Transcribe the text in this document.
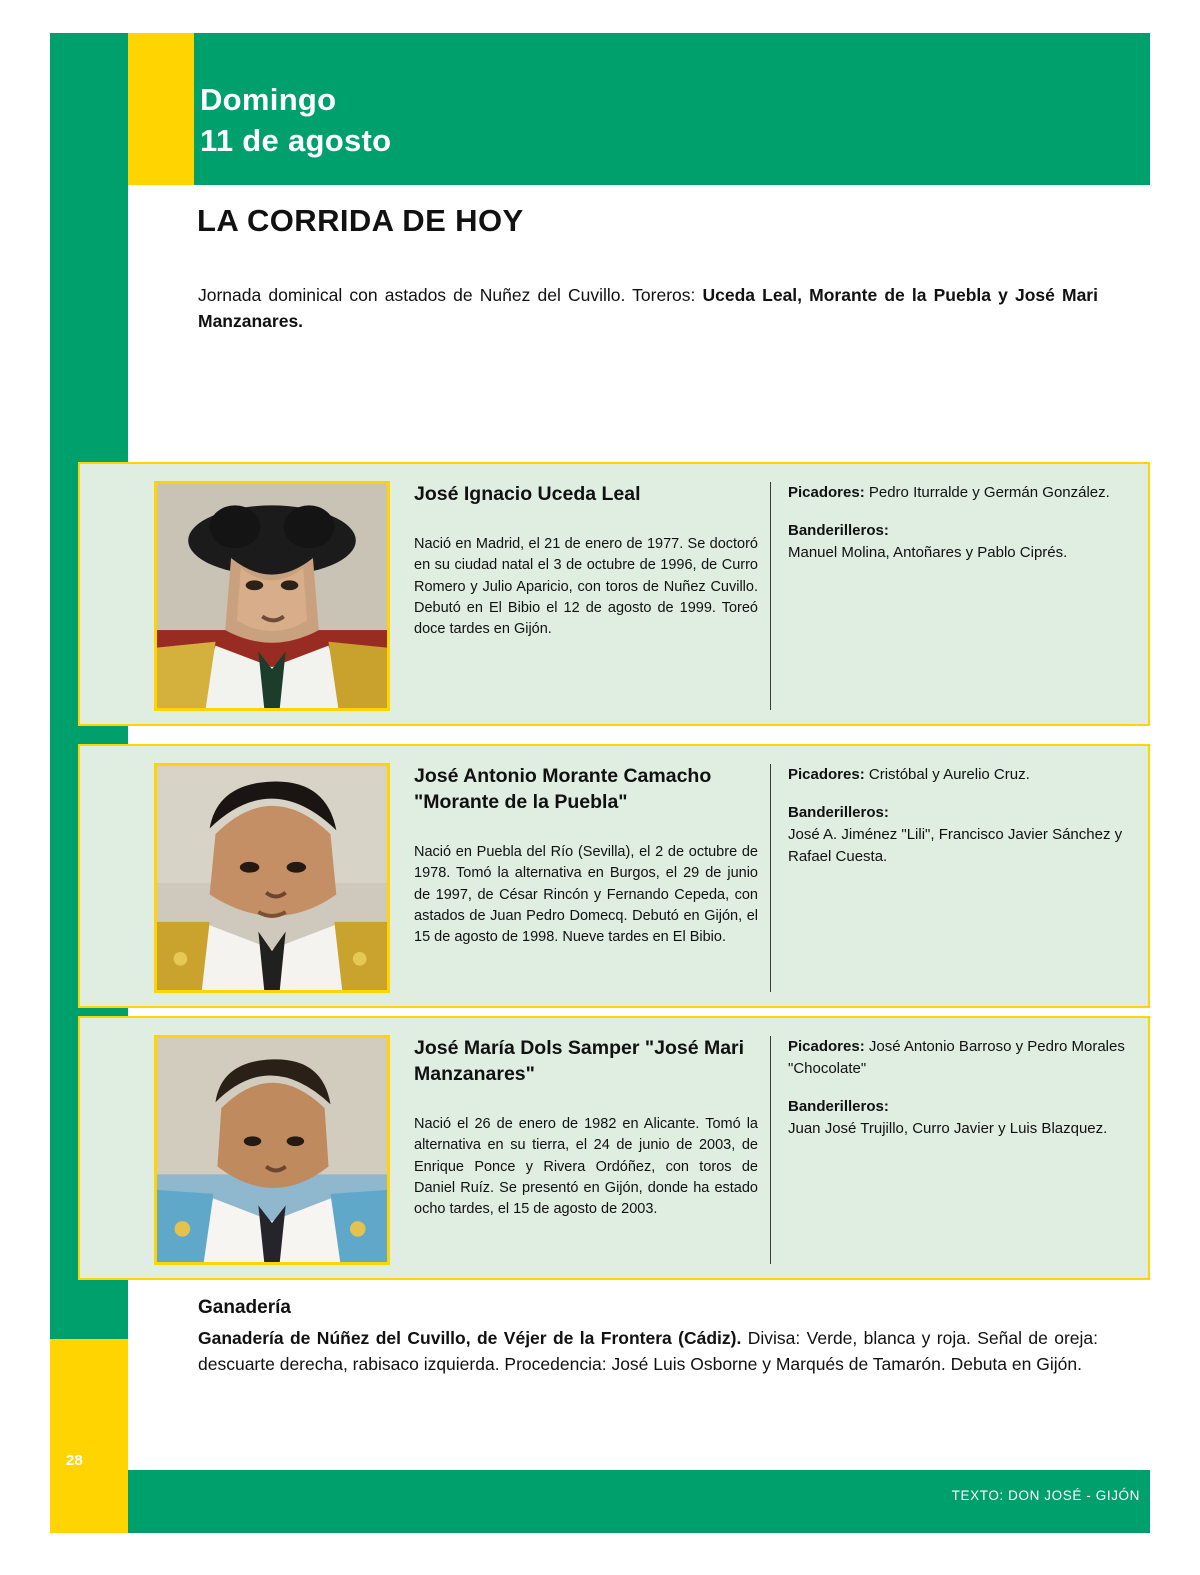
Domingo
11 de agosto
LA CORRIDA DE HOY
Jornada dominical con astados de Nuñez del Cuvillo. Toreros: Uceda Leal, Morante de la Puebla y José Mari Manzanares.
José Ignacio Uceda Leal
Nació en Madrid, el 21 de enero de 1977. Se doctoró en su ciudad natal el 3 de octubre de 1996, de Curro Romero y Julio Aparicio, con toros de Nuñez Cuvillo. Debutó en El Bibio el 12 de agosto de 1999. Toreó doce tardes en Gijón.
Picadores: Pedro Iturralde y Germán González.
Banderilleros:
Manuel Molina, Antoñares y Pablo Ciprés.
José Antonio Morante Camacho "Morante de la Puebla"
Nació en Puebla del Río (Sevilla), el 2 de octubre de 1978. Tomó la alternativa en Burgos, el 29 de junio de 1997, de César Rincón y Fernando Cepeda, con astados de Juan Pedro Domecq. Debutó en Gijón, el 15 de agosto de 1998. Nueve tardes en El Bibio.
Picadores: Cristóbal y Aurelio Cruz.
Banderilleros:
José A. Jiménez "Lili", Francisco Javier Sánchez y Rafael Cuesta.
José María Dols Samper "José Mari Manzanares"
Nació el 26 de enero de 1982 en Alicante. Tomó la alternativa en su tierra, el 24 de junio de 2003, de Enrique Ponce y Rivera Ordóñez, con toros de Daniel Ruíz. Se presentó en Gijón, donde ha estado ocho tardes, el 15 de agosto de 2003.
Picadores: José Antonio Barroso y Pedro Morales "Chocolate"
Banderilleros:
Juan José Trujillo, Curro Javier y Luis Blazquez.
Ganadería
Ganadería de Núñez del Cuvillo, de Véjer de la Frontera (Cádiz). Divisa: Verde, blanca y roja. Señal de oreja: descuarte derecha, rabisaco izquierda. Procedencia: José Luis Osborne y Marqués de Tamarón. Debuta en Gijón.
TEXTO: DON JOSÉ - GIJÓN
28
